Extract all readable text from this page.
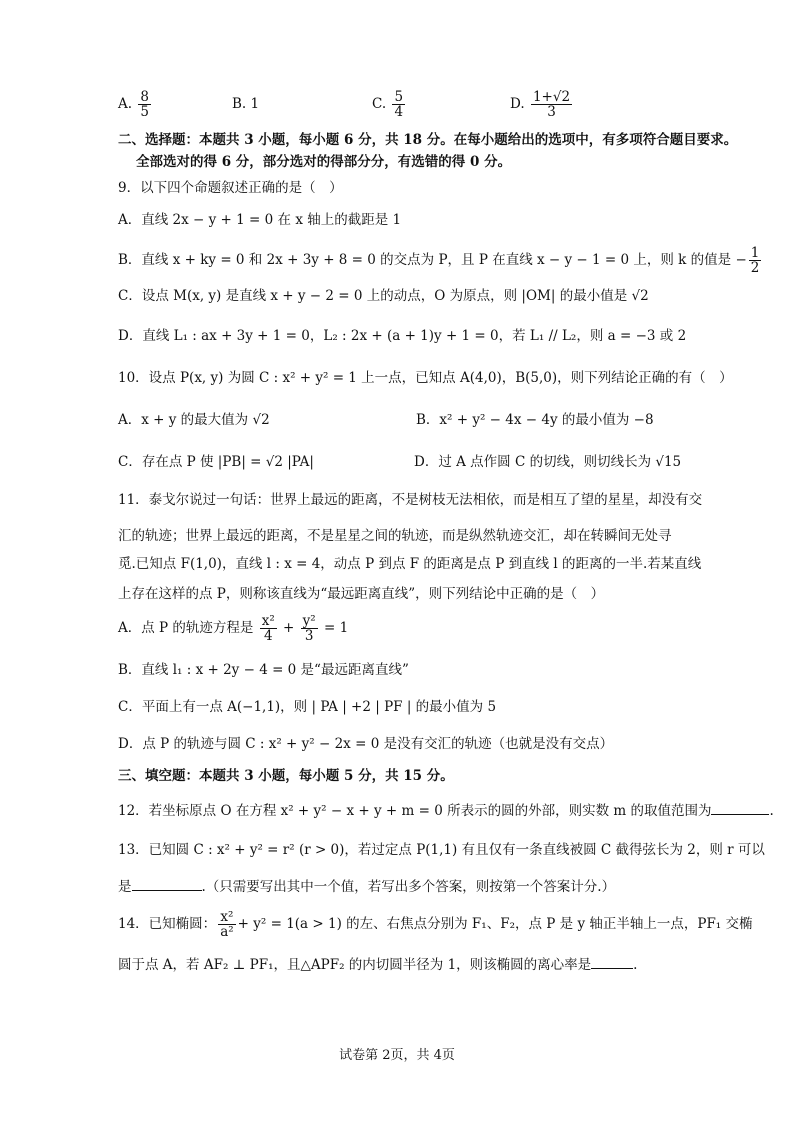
A. $\frac{8}{5}$	B. 1	C. $\frac{5}{4}$	D. $\frac{1+√2}{3}$
二、选择题：本题共 3 小题，每小题 6 分，共 18 分。在每小题给出的选项中，有多项符合题目要求。
全部选对的得 6 分，部分选对的得部分分，有选错的得 0 分。
9．以下四个命题叙述正确的是（　）
A．直线 2x − y + 1 = 0 在 x 轴上的截距是 1
B．直线 x + ky = 0 和 2x + 3y + 8 = 0 的交点为 P，且 P 在直线 x − y − 1 = 0 上，则 k 的值是 − $\frac{1}{2}$
C．设点 M(x, y) 是直线 x + y − 2 = 0 上的动点，O 为原点，则 |OM| 的最小值是 √2
D．直线 L₁ : ax + 3y + 1 = 0，L₂ : 2x + (a + 1)y + 1 = 0，若 L₁ // L₂，则 a = −3 或 2
10．设点 P(x, y) 为圆 C : x² + y² = 1 上一点，已知点 A(4,0)，B(5,0)，则下列结论正确的有（　）
A．x + y 的最大值为 √2	B．x² + y² − 4x − 4y 的最小值为 −8
C．存在点 P 使 |PB| = √2 |PA|	D．过 A 点作圆 C 的切线，则切线长为 √15
11．泰戈尔说过一句话：世界上最远的距离，不是树枝无法相依，而是相互了望的星星，却没有交
汇的轨迹；世界上最远的距离，不是星星之间的轨迹，而是纵然轨迹交汇，却在转瞬间无处寻
觅.已知点 F(1,0)，直线 l : x = 4，动点 P 到点 F 的距离是点 P 到直线 l 的距离的一半.若某直线
上存在这样的点 P，则称该直线为“最远距离直线”，则下列结论中正确的是（　）
A．点 P 的轨迹方程是 $\frac{\text{x²}}{4} + \frac{\text{y²}}{3} = 1$
B．直线 l₁ : x + 2y − 4 = 0 是“最远距离直线”
C．平面上有一点 A(−1,1)，则 | PA | +2 | PF | 的最小值为 5
D．点 P 的轨迹与圆 C : x² + y² − 2x = 0 是没有交汇的轨迹（也就是没有交点）
三、填空题：本题共 3 小题，每小题 5 分，共 15 分。
12．若坐标原点 O 在方程 x² + y² − x + y + m = 0 所表示的圆的外部，则实数 m 的取值范围为	.
13．已知圆 C : x² + y² = r² (r > 0)，若过定点 P(1,1) 有且仅有一条直线被圆 C 截得弦长为 2，则 r 可以
是	.（只需要写出其中一个值，若写出多个答案，则按第一个答案计分.）
14．已知椭圆： $\frac{\text{x²}}{\text{a²}} + y^2 = 1(a > 1)$ 的左、右焦点分别为 F₁、F₂，点 P 是 y 轴正半轴上一点，PF₁ 交椭
圆于点 A，若 AF₂ ⊥ PF₁，且△APF₂ 的内切圆半径为 1，则该椭圆的离心率是	.
试卷第 2页，共 4页
